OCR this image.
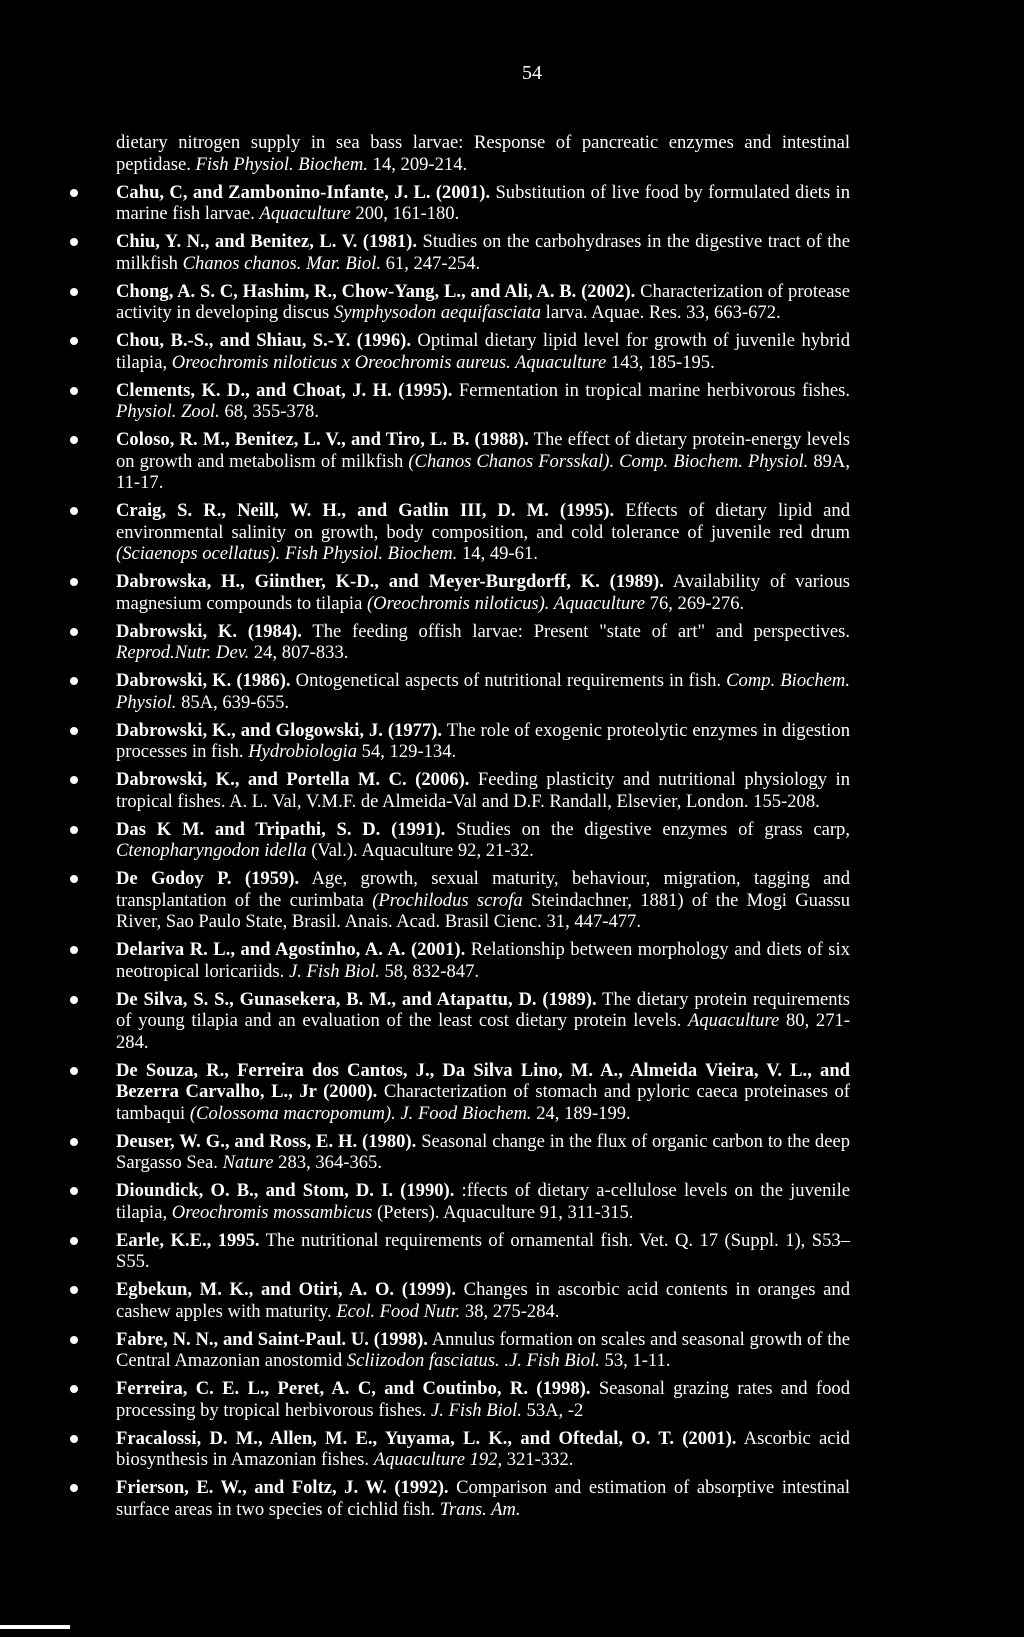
54

dietary nitrogen supply in sea bass larvae: Response of pancreatic enzymes and intestinal peptidase. Fish Physiol. Biochem. 14, 209-214.

Cahu, C, and Zambonino-Infante, J. L. (2001). Substitution of live food by formulated diets in marine fish larvae. Aquaculture 200, 161-180.

Chiu, Y. N., and Benitez, L. V. (1981). Studies on the carbohydrases in the digestive tract of the milkfish Chanos chanos. Mar. Biol. 61, 247-254.

Chong, A. S. C, Hashim, R., Chow-Yang, L., and Ali, A. B. (2002). Characterization of protease activity in developing discus Symphysodon aequifasciata larva. Aquae. Res. 33, 663-672.

Chou, B.-S., and Shiau, S.-Y. (1996). Optimal dietary lipid level for growth of juvenile hybrid tilapia, Oreochromis niloticus x Oreochromis aureus. Aquaculture 143, 185-195.

Clements, K. D., and Choat, J. H. (1995). Fermentation in tropical marine herbivorous fishes. Physiol. Zool. 68, 355-378.

Coloso, R. M., Benitez, L. V., and Tiro, L. B. (1988). The effect of dietary protein-energy levels on growth and metabolism of milkfish (Chanos Chanos Forsskal). Comp. Biochem. Physiol. 89A, 11-17.

Craig, S. R., Neill, W. H., and Gatlin III, D. M. (1995). Effects of dietary lipid and environmental salinity on growth, body composition, and cold tolerance of juvenile red drum (Sciaenops ocellatus). Fish Physiol. Biochem. 14, 49-61.

Dabrowska, H., Giinther, K-D., and Meyer-Burgdorff, K. (1989). Availability of various magnesium compounds to tilapia (Oreochromis niloticus). Aquaculture 76, 269-276.

Dabrowski, K. (1984). The feeding offish larvae: Present "state of art" and perspectives. Reprod.Nutr. Dev. 24, 807-833.

Dabrowski, K. (1986). Ontogenetical aspects of nutritional requirements in fish. Comp. Biochem. Physiol. 85A, 639-655.

Dabrowski, K., and Glogowski, J. (1977). The role of exogenic proteolytic enzymes in digestion processes in fish. Hydrobiologia 54, 129-134.

Dabrowski, K., and Portella M. C. (2006). Feeding plasticity and nutritional physiology in tropical fishes. A. L. Val, V.M.F. de Almeida-Val and D.F. Randall, Elsevier, London. 155-208.

Das K M. and Tripathi, S. D. (1991). Studies on the digestive enzymes of grass carp, Ctenopharyngodon idella (Val.). Aquaculture 92, 21-32.

De Godoy P. (1959). Age, growth, sexual maturity, behaviour, migration, tagging and transplantation of the curimbata (Prochilodus scrofa Steindachner, 1881) of the Mogi Guassu River, Sao Paulo State, Brasil. Anais. Acad. Brasil Cienc. 31, 447-477.

Delariva R. L., and Agostinho, A. A. (2001). Relationship between morphology and diets of six neotropical loricariids. J. Fish Biol. 58, 832-847.

De Silva, S. S., Gunasekera, B. M., and Atapattu, D. (1989). The dietary protein requirements of young tilapia and an evaluation of the least cost dietary protein levels. Aquaculture 80, 271-284.

De Souza, R., Ferreira dos Cantos, J., Da Silva Lino, M. A., Almeida Vieira, V. L., and Bezerra Carvalho, L., Jr (2000). Characterization of stomach and pyloric caeca proteinases of tambaqui (Colossoma macropomum). J. Food Biochem. 24, 189-199.

Deuser, W. G., and Ross, E. H. (1980). Seasonal change in the flux of organic carbon to the deep Sargasso Sea. Nature 283, 364-365.

Dioundick, O. B., and Stom, D. I. (1990). :ffects of dietary a-cellulose levels on the juvenile tilapia, Oreochromis mossambicus (Peters). Aquaculture 91, 311-315.

Earle, K.E., 1995. The nutritional requirements of ornamental fish. Vet. Q. 17 (Suppl. 1), S53–S55.

Egbekun, M. K., and Otiri, A. O. (1999). Changes in ascorbic acid contents in oranges and cashew apples with maturity. Ecol. Food Nutr. 38, 275-284.

Fabre, N. N., and Saint-Paul. U. (1998). Annulus formation on scales and seasonal growth of the Central Amazonian anostomid Scliizodon fasciatus. .J. Fish Biol. 53, 1-11.

Ferreira, C. E. L., Peret, A. C, and Coutinbo, R. (1998). Seasonal grazing rates and food processing by tropical herbivorous fishes. J. Fish Biol. 53A, -2

Fracalossi, D. M., Allen, M. E., Yuyama, L. K., and Oftedal, O. T. (2001). Ascorbic acid biosynthesis in Amazonian fishes. Aquaculture 192, 321-332.

Frierson, E. W., and Foltz, J. W. (1992). Comparison and estimation of absorptive intestinal surface areas in two species of cichlid fish. Trans. Am.
